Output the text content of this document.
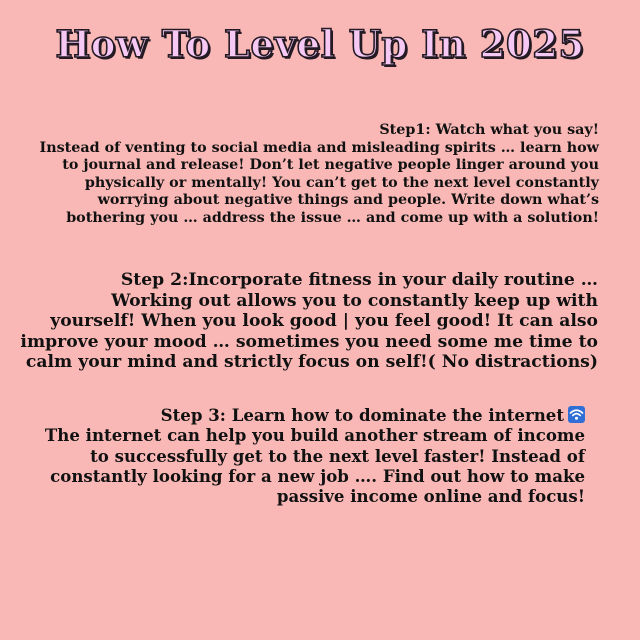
How To Level Up In 2025
Step1: Watch what you say!
Instead of venting to social media and misleading spirits … learn how
to journal and release! Don’t let negative people linger around you
physically or mentally! You can’t get to the next level constantly
worrying about negative things and people. Write down what’s
bothering you … address the issue … and come up with a solution!
Step 2:Incorporate fitness in your daily routine …
Working out allows you to constantly keep up with
yourself! When you look good | you feel good! It can also
improve your mood … sometimes you need some me time to
calm your mind and strictly focus on self!( No distractions)
Step 3: Learn how to dominate the internet
The internet can help you build another stream of income
to successfully get to the next level faster! Instead of
constantly looking for a new job …. Find out how to make
passive income online and focus!
